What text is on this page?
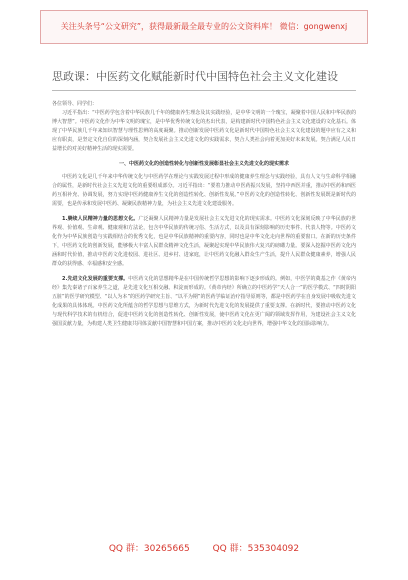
关注头条号“公文研究”，获得最新最全最专业的公文资料库！ 微信：gongwenxj
思政课：中医药文化赋能新时代中国特色社会主义文化建设

各位领导、同学们：

习近平指出：“中医药学包含着中华民族几千年的健康养生理念及其实践经验，是中华文明的一个瑰宝，凝聚着中国人民和中华民族的博大智慧”。中医药文化作为中华文明的瑰宝，是中华优秀传统文化的杰出代表，是构建新时代中国特色社会主义文化建设的文化基石。体现了中华民族几千年来知识智慧与理性思辨的高度凝聚。推动创新发展中医药文化是新时代中国特色社会主义文化建设的题中应有之义和应有职责，是坚定文化自信的深刻内涵，契合发展社会主义先进文化的实践需求，契合人类社会向着更加美好未来发展。契合满足人民日益增长的对美好精神生活的现实需要。

一、中医药文化的创造性转化与创新性发展彰显社会主义先进文化的现实需求

中医药文化是几千年来中华传统文化与中医药学在理论与实践发展过程中形成的健康养生理念与实践经验，具有人文与生命科学相融合的属性，是新时代社会主义先进文化的重要组成部分。习近平指出：“要着力推动中医药振兴发展，坚持中西医并重，推动中医药和西医药互相补充、协调发展，努力实现中医药健康养生文化的创造性转化、创新性发展。”中医药文化的创造性转化、创新性发展既是新时代的需要，也是传承和发展中医药、凝聚民族精神力量，为社会主义先进文化建设服务。

1.赓续人民精神力量的思想文化。广泛凝聚人民精神力量是发展社会主义先进文化的现实需求。中医药文化深刻反映了中华民族的世界观、价值观、生命观、健康观和方法论，包含中华民族的传统习俗、生活方式，以及具有深刻影响的历史事件、代表人物等。中医药文化作为中华民族创造与实践相结合的优秀文化，也是中华民族精神的重要内容，同时也是中华文化走向世界的重要窗口。在新的历史条件下，中医药文化的创新发展，能够极大丰富人民群众精神文化生活，凝聚起实现中华民族伟大复兴的磅礴力量。要深入挖掘中医药文化内涵和时代价值，推动中医药文化进校园、进社区、进乡村、进家庭，让中医药文化融入群众生产生活，提升人民群众健康素养，增强人民群众的获得感、幸福感和安全感。

2.先进文化发展的重要支撑。中医药文化的思想精华是在中国传统哲学思想的影响下逐步形成的。例如，中医学的奠基之作《黄帝内经》集先秦诸子百家养生之道，是先进文化互相交融、积淀而形成的。《黄帝内经》所确立的中医药学“天人合一”的医学模式、“四时阴阳五脏”的医学研究模型、“以人为本”的医药学研究主旨、“以平为期”的医药学临证治疗指导原则等，都是中医药学在自身发展中吸收先进文化成果的具体体现。中医药文化所蕴含的哲学思想与思维方式，为新时代先进文化的发展提供了重要支撑。在新时代，要推动中医药文化与现代科学技术的有机结合，促进中医药文化的创造性转化、创新性发展，使中医药文化在更广阔的领域发挥作用，为建设社会主义文化强国贡献力量，为构建人类卫生健康共同体贡献中国智慧和中国方案，推动中医药文化走向世界，增强中华文化的国际影响力。

QQ 群：30265665	QQ 群：535304092
